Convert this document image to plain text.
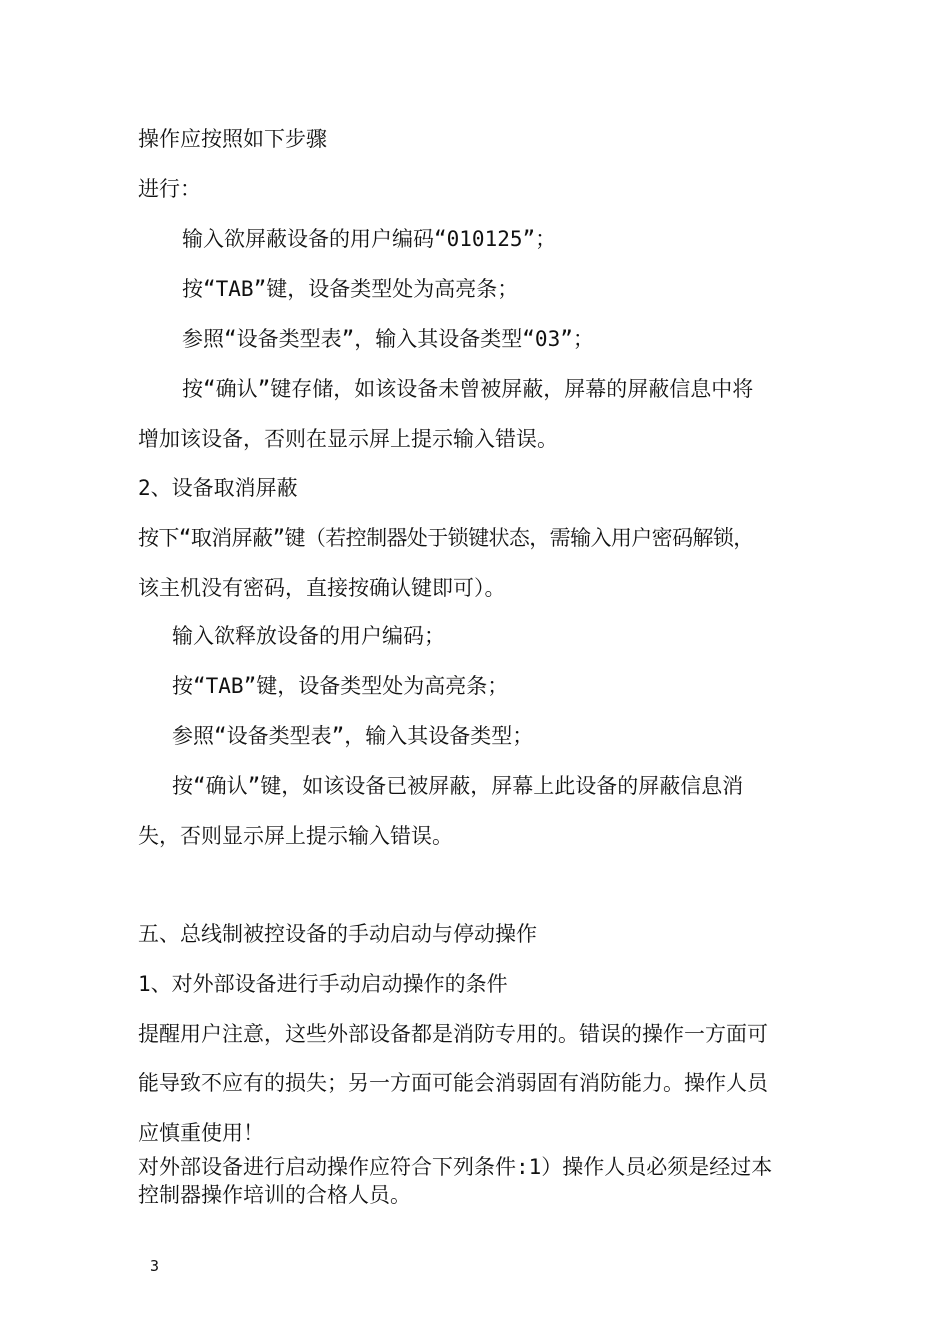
操作应按照如下步骤
进行：
输入欲屏蔽设备的用户编码“010125”；
按“TAB”键，设备类型处为高亮条；
参照“设备类型表”，输入其设备类型“03”；
按“确认”键存储，如该设备未曾被屏蔽，屏幕的屏蔽信息中将
增加该设备，否则在显示屏上提示输入错误。
2、设备取消屏蔽
按下“取消屏蔽”键（若控制器处于锁键状态，需输入用户密码解锁，
该主机没有密码，直接按确认键即可）。
输入欲释放设备的用户编码；
按“TAB”键，设备类型处为高亮条；
参照“设备类型表”，输入其设备类型；
按“确认”键，如该设备已被屏蔽，屏幕上此设备的屏蔽信息消
失，否则显示屏上提示输入错误。
五、总线制被控设备的手动启动与停动操作
1、对外部设备进行手动启动操作的条件
提醒用户注意，这些外部设备都是消防专用的。错误的操作一方面可
能导致不应有的损失；另一方面可能会消弱固有消防能力。操作人员
应慎重使用！
对外部设备进行启动操作应符合下列条件:1）操作人员必须是经过本
控制器操作培训的合格人员。
3
